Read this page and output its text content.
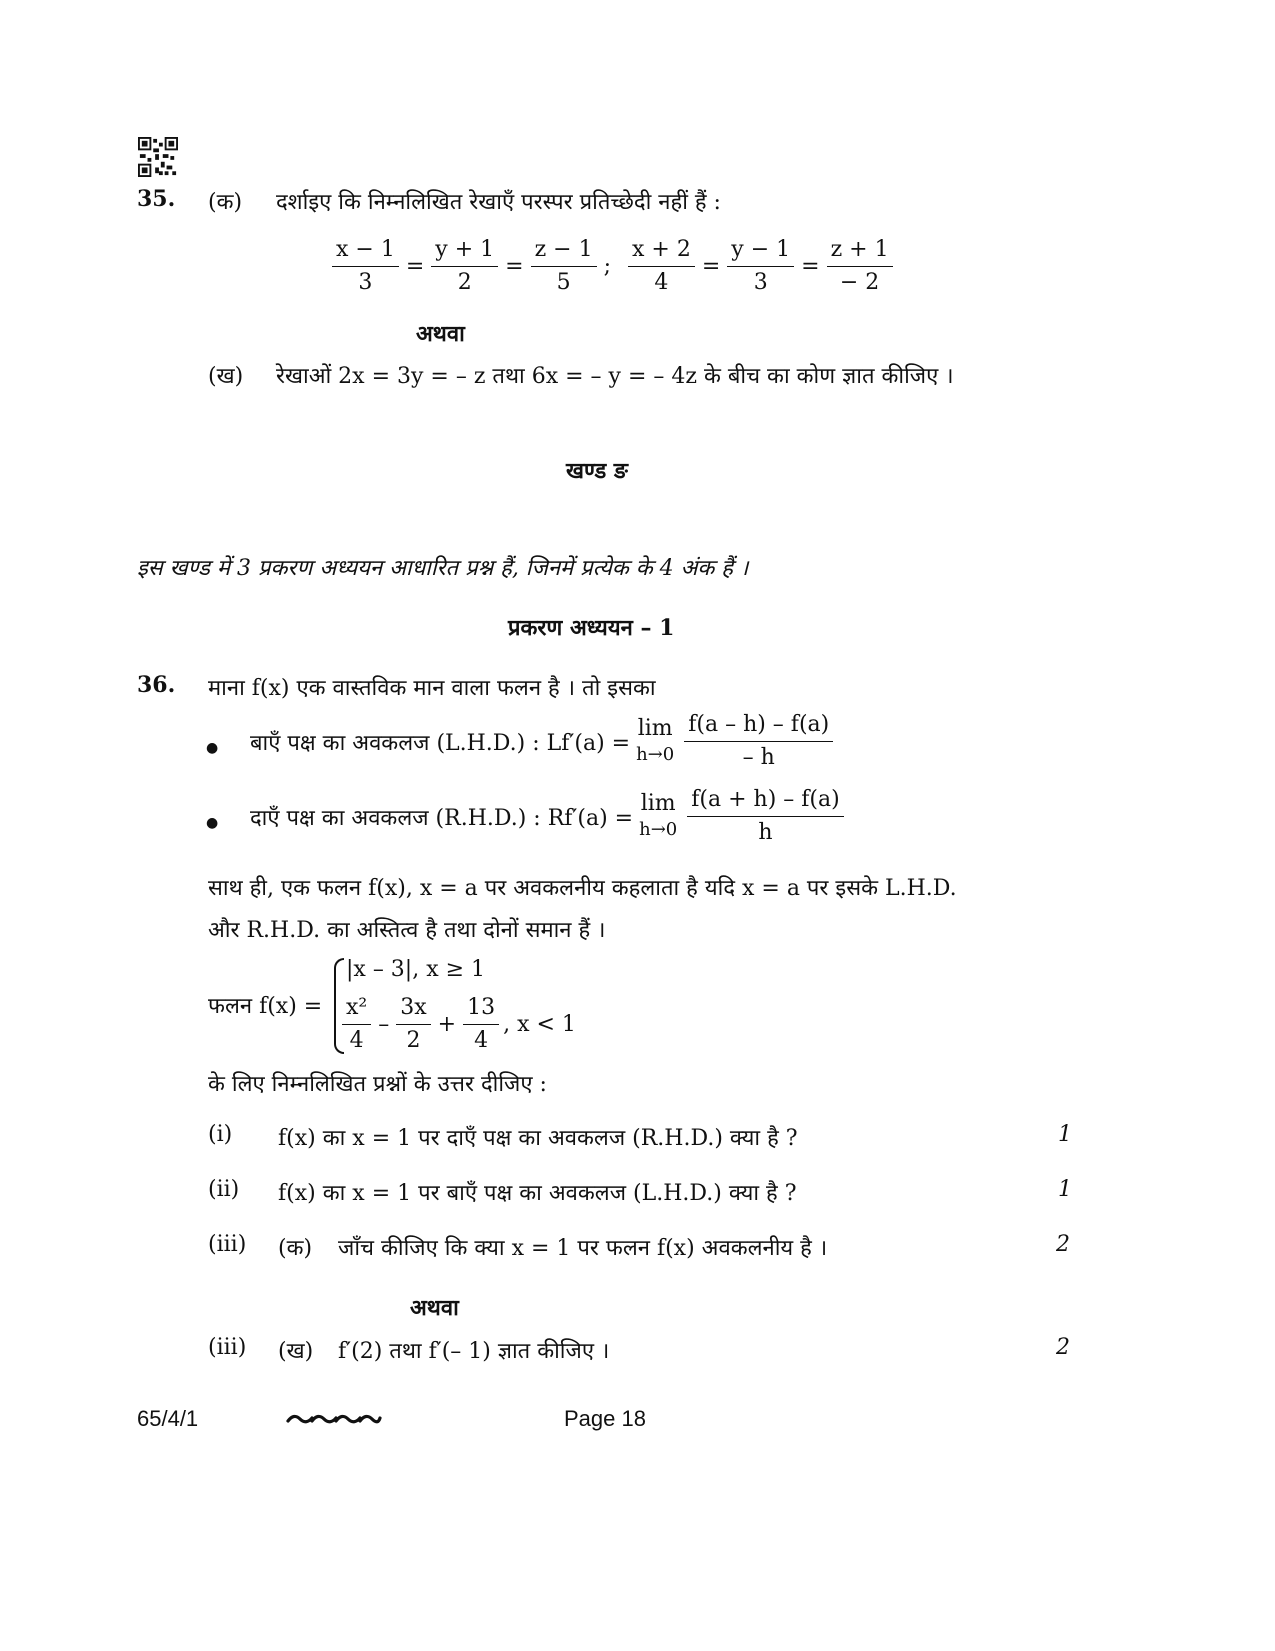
35. (क) दर्शाइए कि निम्नलिखित रेखाएँ परस्पर प्रतिच्छेदी नहीं हैं :
$\frac{x - 1}{3} = \frac{y + 1}{2} = \frac{z - 1}{5}$ ; $\frac{x + 2}{4} = \frac{y - 1}{3} = \frac{z + 1}{- 2}$
अथवा
(ख) रेखाओं 2x = 3y = – z तथा 6x = – y = – 4z के बीच का कोण ज्ञात कीजिए ।
खण्ड ङ
इस खण्ड में 3 प्रकरण अध्ययन आधारित प्रश्न हैं, जिनमें प्रत्येक के 4 अंक हैं ।
प्रकरण अध्ययन – 1
36. माना f(x) एक वास्तविक मान वाला फलन है । तो इसका
● बाएँ पक्ष का अवकलज (L.H.D.) : Lf′(a) =
lim
$h\to 0 \frac{f(a - h) - f(a)}{- h}$
● दाएँ पक्ष का अवकलज (R.H.D.) : Rf′(a) =
lim
$h\to 0 \frac{f(a + h) - f(a)}{h}$
साथ ही, एक फलन f(x), x = a पर अवकलनीय कहलाता है यदि x = a पर इसके L.H.D.
और R.H.D. का अस्तित्व है तथा दोनों समान हैं ।
फलन f(x) =
|x – 3|, x ≥ 1
$\frac{\text{x²}}{4} - \frac{3x}{2} + \frac{13}{4}$ , x < 1
के लिए निम्नलिखित प्रश्नों के उत्तर दीजिए :
(i) f(x) का x = 1 पर दाएँ पक्ष का अवकलज (R.H.D.) क्या है ?	1
(ii) f(x) का x = 1 पर बाएँ पक्ष का अवकलज (L.H.D.) क्या है ?	1
(iii) (क) जाँच कीजिए कि क्या x = 1 पर फलन f(x) अवकलनीय है ।	2
अथवा
(iii) (ख) f′(2) तथा f′(– 1) ज्ञात कीजिए ।	2
65/4/1	Page 18
